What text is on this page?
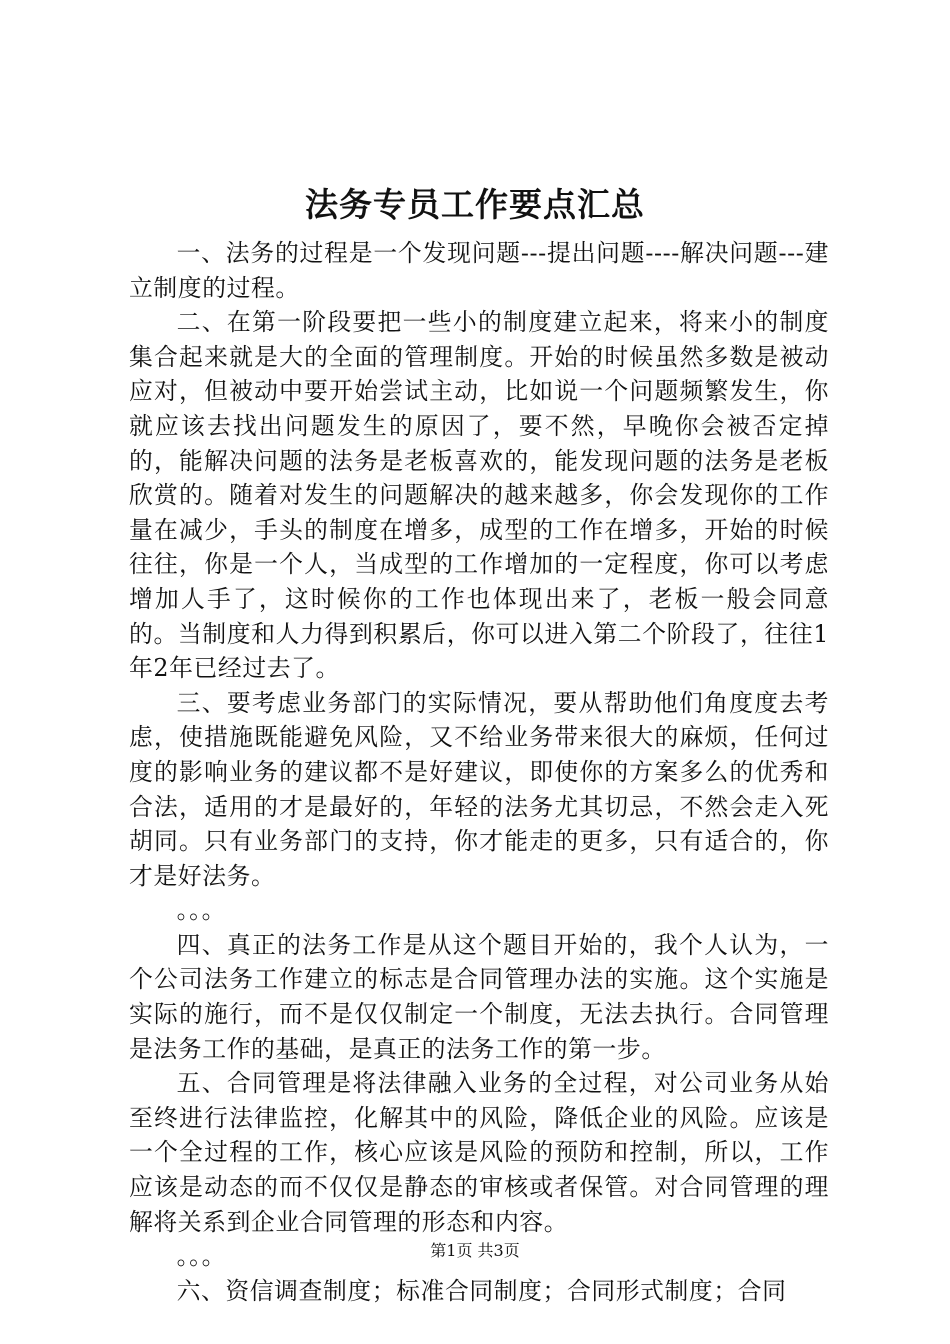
法务专员工作要点汇总

一、法务的过程是一个发现问题---提出问题----解决问题---建立制度的过程。

二、在第一阶段要把一些小的制度建立起来，将来小的制度集合起来就是大的全面的管理制度。开始的时候虽然多数是被动应对，但被动中要开始尝试主动，比如说一个问题频繁发生，你就应该去找出问题发生的原因了，要不然，早晚你会被否定掉的，能解决问题的法务是老板喜欢的，能发现问题的法务是老板欣赏的。随着对发生的问题解决的越来越多，你会发现你的工作量在减少，手头的制度在增多，成型的工作在增多，开始的时候往往，你是一个人，当成型的工作增加的一定程度，你可以考虑增加人手了，这时候你的工作也体现出来了，老板一般会同意的。当制度和人力得到积累后，你可以进入第二个阶段了，往往1年2年已经过去了。

三、要考虑业务部门的实际情况，要从帮助他们角度度去考虑，使措施既能避免风险，又不给业务带来很大的麻烦，任何过度的影响业务的建议都不是好建议，即使你的方案多么的优秀和合法，适用的才是最好的，年轻的法务尤其切忌，不然会走入死胡同。只有业务部门的支持，你才能走的更多，只有适合的，你才是好法务。

。。。

四、真正的法务工作是从这个题目开始的，我个人认为，一个公司法务工作建立的标志是合同管理办法的实施。这个实施是实际的施行，而不是仅仅制定一个制度，无法去执行。合同管理是法务工作的基础，是真正的法务工作的第一步。

五、合同管理是将法律融入业务的全过程，对公司业务从始至终进行法律监控，化解其中的风险，降低企业的风险。应该是一个全过程的工作，核心应该是风险的预防和控制，所以，工作应该是动态的而不仅仅是静态的审核或者保管。对合同管理的理解将关系到企业合同管理的形态和内容。

。。。

六、资信调查制度；标准合同制度；合同形式制度；合同

第1页 共3页
